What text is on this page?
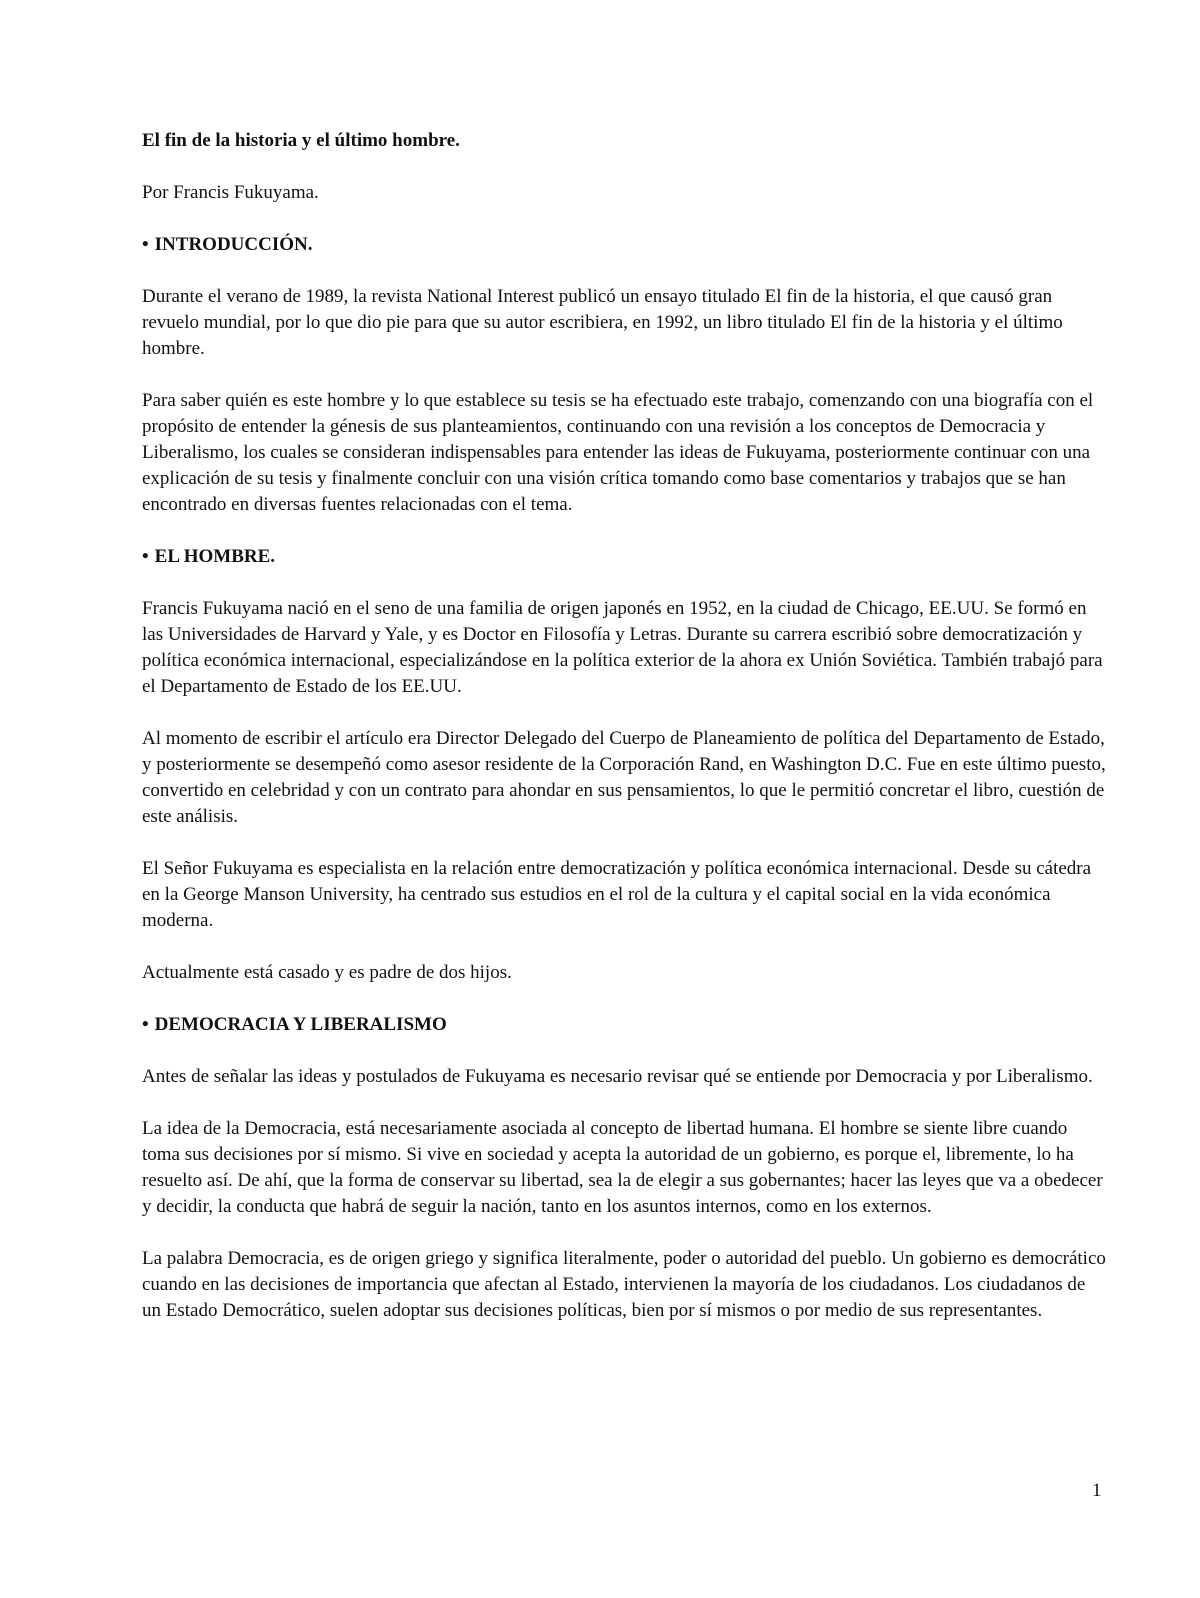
El fin de la historia y el último hombre.
Por Francis Fukuyama.
• INTRODUCCIÓN.

Durante el verano de 1989, la revista National Interest publicó un ensayo titulado El fin de la historia, el que causó gran revuelo mundial, por lo que dio pie para que su autor escribiera, en 1992, un libro titulado El fin de la historia y el último hombre.

Para saber quién es este hombre y lo que establece su tesis se ha efectuado este trabajo, comenzando con una biografía con el propósito de entender la génesis de sus planteamientos, continuando con una revisión a los conceptos de Democracia y Liberalismo, los cuales se consideran indispensables para entender las ideas de Fukuyama, posteriormente continuar con una explicación de su tesis y finalmente concluir con una visión crítica tomando como base comentarios y trabajos que se han encontrado en diversas fuentes relacionadas con el tema.

• EL HOMBRE.

Francis Fukuyama nació en el seno de una familia de origen japonés en 1952, en la ciudad de Chicago, EE.UU. Se formó en las Universidades de Harvard y Yale, y es Doctor en Filosofía y Letras. Durante su carrera escribió sobre democratización y política económica internacional, especializándose en la política exterior de la ahora ex Unión Soviética. También trabajó para el Departamento de Estado de los EE.UU.

Al momento de escribir el artículo era Director Delegado del Cuerpo de Planeamiento de política del Departamento de Estado, y posteriormente se desempeñó como asesor residente de la Corporación Rand, en Washington D.C. Fue en este último puesto, convertido en celebridad y con un contrato para ahondar en sus pensamientos, lo que le permitió concretar el libro, cuestión de este análisis.

El Señor Fukuyama es especialista en la relación entre democratización y política económica internacional. Desde su cátedra en la George Manson University, ha centrado sus estudios en el rol de la cultura y el capital social en la vida económica moderna.

Actualmente está casado y es padre de dos hijos.

• DEMOCRACIA Y LIBERALISMO

Antes de señalar las ideas y postulados de Fukuyama es necesario revisar qué se entiende por Democracia y por Liberalismo.

La idea de la Democracia, está necesariamente asociada al concepto de libertad humana. El hombre se siente libre cuando toma sus decisiones por sí mismo. Si vive en sociedad y acepta la autoridad de un gobierno, es porque el, libremente, lo ha resuelto así. De ahí, que la forma de conservar su libertad, sea la de elegir a sus gobernantes; hacer las leyes que va a obedecer y decidir, la conducta que habrá de seguir la nación, tanto en los asuntos internos, como en los externos.

La palabra Democracia, es de origen griego y significa literalmente, poder o autoridad del pueblo. Un gobierno es democrático cuando en las decisiones de importancia que afectan al Estado, intervienen la mayoría de los ciudadanos. Los ciudadanos de un Estado Democrático, suelen adoptar sus decisiones políticas, bien por sí mismos o por medio de sus representantes.

1
